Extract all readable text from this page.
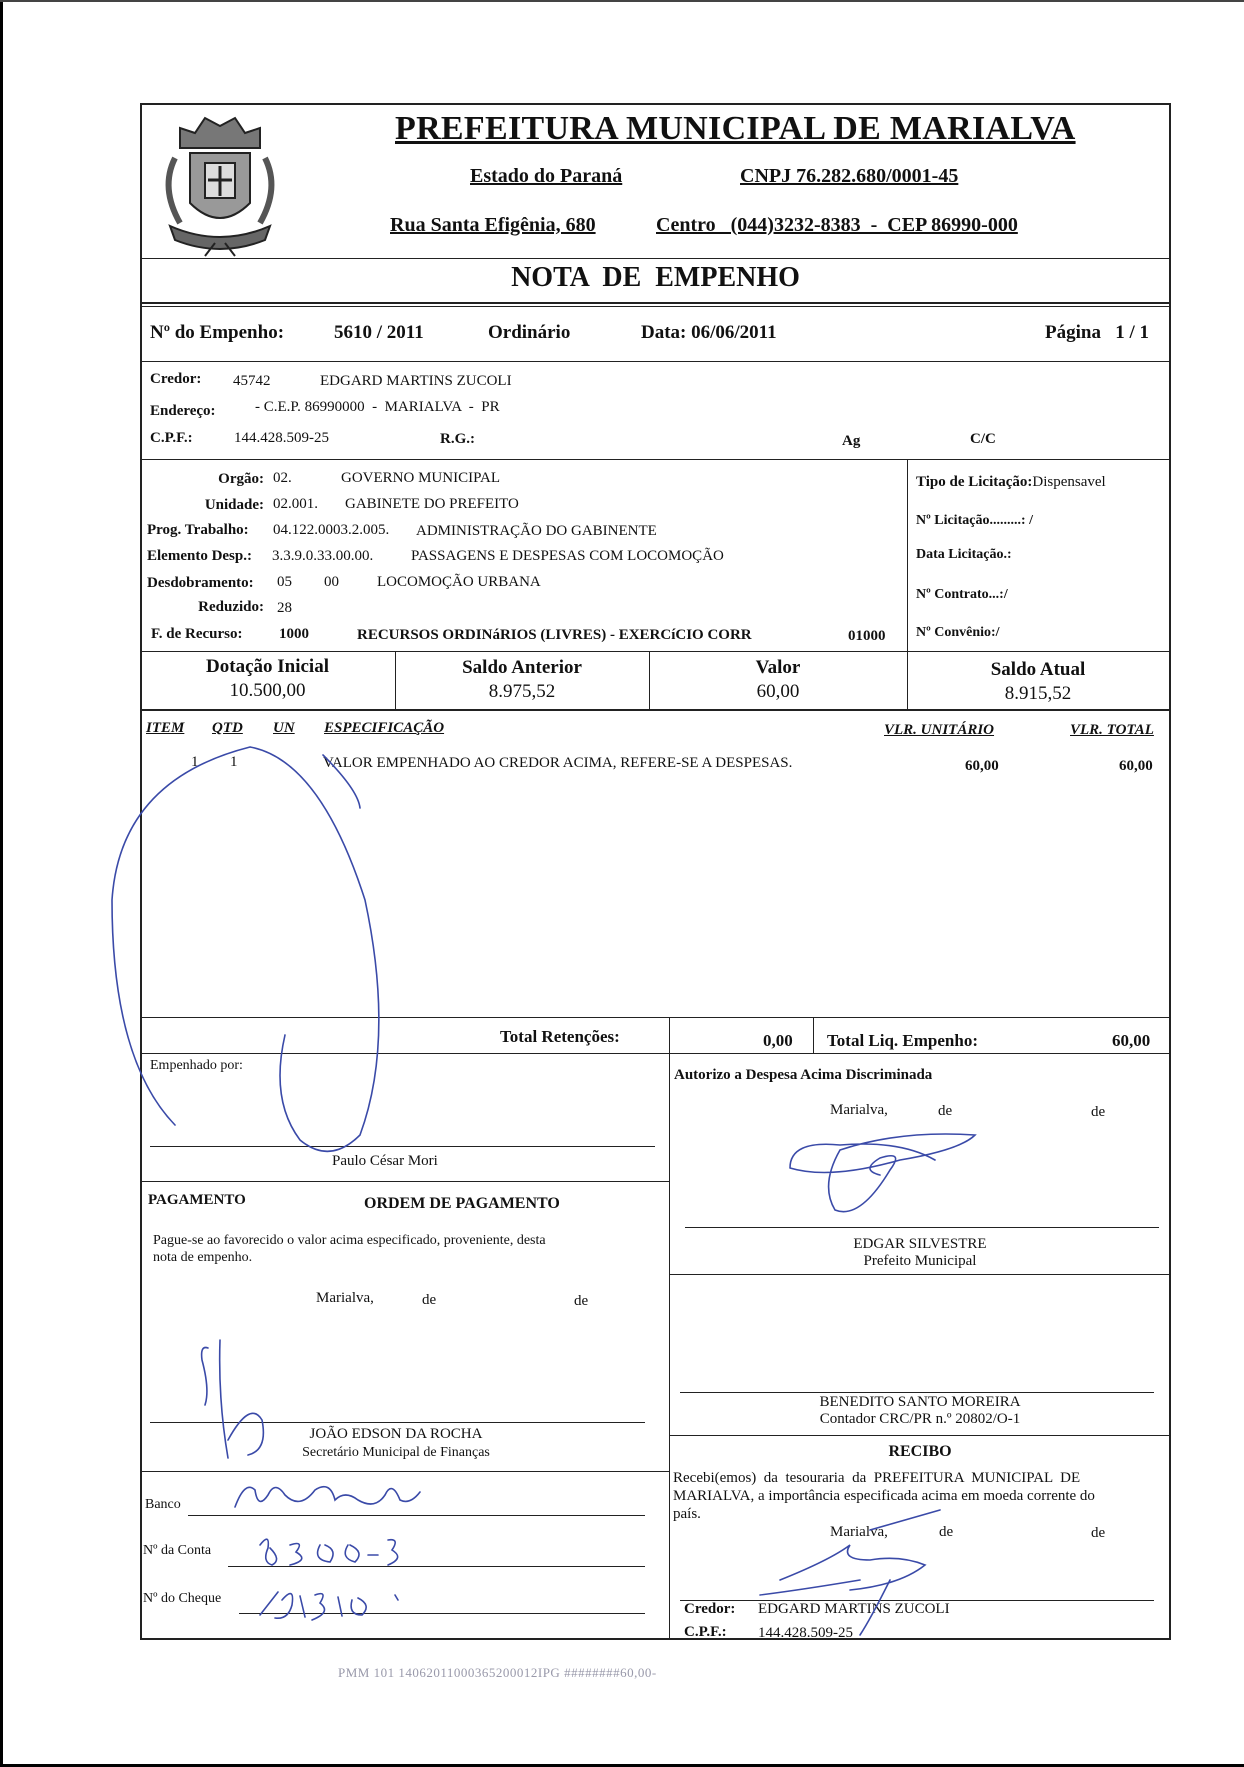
PREFEITURA MUNICIPAL DE MARIALVA
Estado do Paraná	CNPJ 76.282.680/0001-45
Rua Santa Efigênia, 680	Centro   (044)3232-8383  -  CEP 86990-000
NOTA  DE  EMPENHO
Nº do Empenho:	5610 / 2011	Ordinário	Data: 06/06/2011	Página   1 / 1
Credor: 45742	EDGARD MARTINS ZUCOLI
Endereço:	- C.E.P. 86990000  -  MARIALVA  -  PR
C.P.F.:	144.428.509-25	R.G.:	Ag	C/C
Orgão: 02.	GOVERNO MUNICIPAL
Unidade: 02.001. GABINETE DO PREFEITO
Prog. Trabalho: 04.122.0003.2.005. ADMINISTRAÇÃO DO GABINENTE
Elemento Desp.: 3.3.9.0.33.00.00.	PASSAGENS E DESPESAS COM LOCOMOÇÃO
Desdobramento: 05 00	LOCOMOÇÃO URBANA
Reduzido: 28
F. de Recurso: 1000	RECURSOS ORDINáRIOS (LIVRES) - EXERCíCIO CORR	01000
Tipo de Licitação:Dispensavel
Nº Licitação.........: /
Data Licitação.:
Nº Contrato...:/
Nº Convênio:/
Dotação Inicial
10.500,00
Saldo Anterior
8.975,52
Valor
60,00
Saldo Atual
8.915,52
ITEM QTD UN ESPECIFICAÇÃO	VLR. UNITÁRIO	VLR. TOTAL
1 1	VALOR EMPENHADO AO CREDOR ACIMA, REFERE-SE A DESPESAS.	60,00	60,00
Total Retenções:	0,00 Total Liq. Empenho:	60,00
Empenhado por:
Paulo César Mori
Autorizo a Despesa Acima Discriminada
Marialva,	de	de
EDGAR SILVESTRE
Prefeito Municipal
PAGAMENTO	ORDEM DE PAGAMENTO
Pague-se ao favorecido o valor acima especificado, proveniente, desta
nota de empenho.
Marialva,	de	de
JOÃO EDSON DA ROCHA
Secretário Municipal de Finanças
BENEDITO SANTO MOREIRA
Contador CRC/PR n.º 20802/O-1
RECIBO
Recebi(emos)  da  tesouraria  da  PREFEITURA  MUNICIPAL  DE
MARIALVA, a importância especificada acima em moeda corrente do
país.
Marialva,	de	de
Credor: EDGARD MARTINS ZUCOLI
C.P.F.: 144.428.509-25
Banco
Nº da Conta
Nº do Cheque
PMM 101 14062011000365200012IPG ########60,00-
